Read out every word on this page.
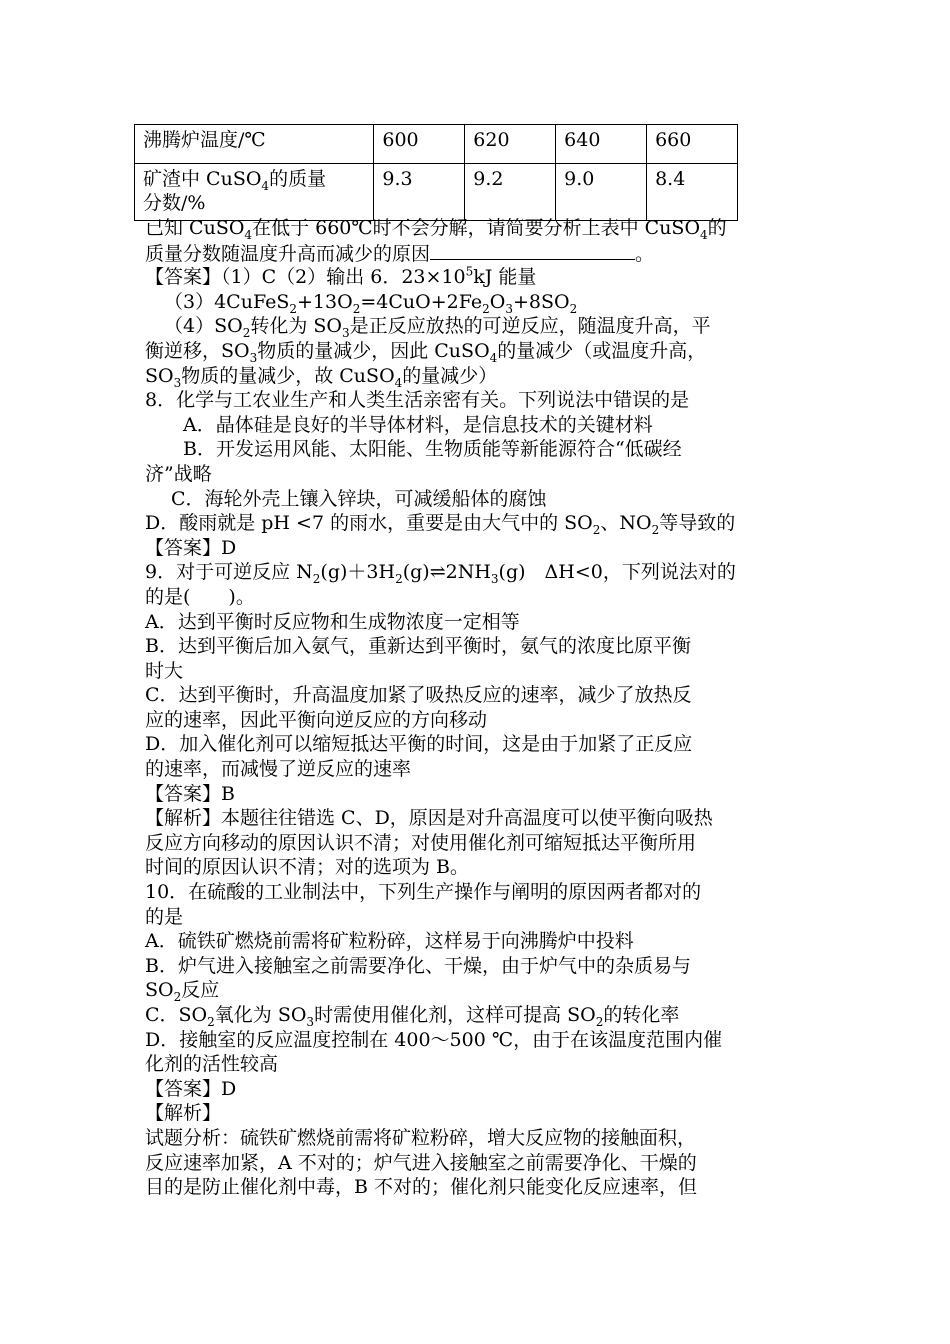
沸腾炉温度/℃	600	620	640	660
矿渣中 CuSO$_4$的质量
分数/%	9.3	9.2	9.0	8.4
已知 CuSO$_4$在低于 660℃时不会分解，请简要分析上表中 CuSO$_4$的
质量分数随温度升高而减少的原因	。
【答案】（1）C（2）输出 6．$23\times 10^5kJ$ 能量
$(3)4CuFeS_2+13O_2=4CuO+2Fe_2O_3+8SO_2$
$(4)SO_2$转化为 $SO_3$是正反应放热的可逆反应，随温度升高，平
衡逆移，$SO_3$物质的量减少，因此 CuSO$_4$的量减少（或温度升高，
$SO_3$物质的量减少，故 CuSO$_4$的量减少）
8．化学与工农业生产和人类生活亲密有关。下列说法中错误的是
A．晶体硅是良好的半导体材料，是信息技术的关键材料
B．开发运用风能、太阳能、生物质能等新能源符合“低碳经
济”战略
C．海轮外壳上镶入锌块，可减缓船体的腐蚀
D．酸雨就是 pH <7 的雨水，重要是由大气中的 $SO_2$、$NO_2$等导致的
【答案】D
9．对于可逆反应 $N_2(g)+3H_2(g)\rightleftharpoons 2NH_3(g)$　ΔH<0，下列说法对的
的是(　　)。
A．达到平衡时反应物和生成物浓度一定相等
B．达到平衡后加入氨气，重新达到平衡时，氨气的浓度比原平衡
时大
C．达到平衡时，升高温度加紧了吸热反应的速率，减少了放热反
应的速率，因此平衡向逆反应的方向移动
D．加入催化剂可以缩短抵达平衡的时间，这是由于加紧了正反应
的速率，而减慢了逆反应的速率
【答案】B
【解析】本题往往错选 C、D，原因是对升高温度可以使平衡向吸热
反应方向移动的原因认识不清；对使用催化剂可缩短抵达平衡所用
时间的原因认识不清；对的选项为 B。
10．在硫酸的工业制法中，下列生产操作与阐明的原因两者都对的
的是
A．硫铁矿燃烧前需将矿粒粉碎，这样易于向沸腾炉中投料
B．炉气进入接触室之前需要净化、干燥，由于炉气中的杂质易与
$SO_2$反应
C．$SO_2$氧化为 $SO_3$时需使用催化剂，这样可提高 $SO_2$的转化率
D．接触室的反应温度控制在 400～500 ℃，由于在该温度范围内催
化剂的活性较高
【答案】D
【解析】
试题分析：硫铁矿燃烧前需将矿粒粉碎，增大反应物的接触面积，
反应速率加紧，A 不对的；炉气进入接触室之前需要净化、干燥的
目的是防止催化剂中毒，B 不对的；催化剂只能变化反应速率，但
